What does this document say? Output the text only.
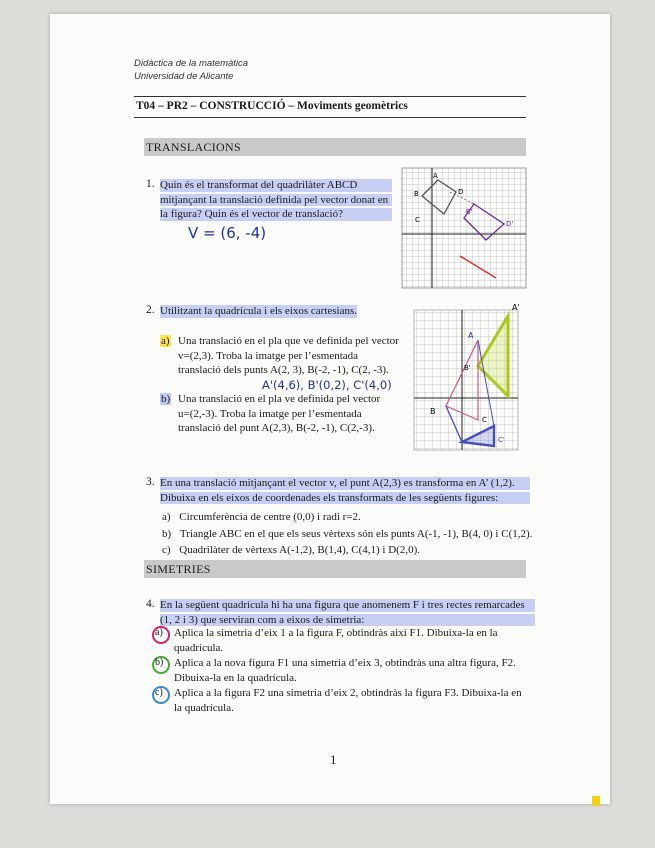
Didàctica de la matemàtica
Universidad de Alicante
T04 – PR2 – CONSTRUCCIÓ – Moviments geomètrics
TRANSLACIONS
1. Quin és el transformat del quadrilàter ABCD
mitjançant la translació definida pel vector donat en
la figura? Quin és el vector de translació?
V = (6, -4)
A
B
C
D
B'
D'
2. Utilitzant la quadrícula i els eixos cartesians.
a) Una translació en el pla que ve definida pel vector
v=(2,3). Troba la imatge per l’esmentada
translació dels punts A(2, 3), B(-2, -1), C(2, -3).
A'(4,6), B'(0,2), C'(4,0)
b) Una translació en el pla ve definida pel vector
u=(2,-3). Troba la imatge per l’esmentada
translació del punt A(2,3), B(-2, -1), C(2,-3).
A'
B'
B
C
C'
A
3. En una translació mitjançant el vector v, el punt A(2,3) es transforma en A’ (1,2).
Dibuixa en els eixos de coordenades els transformats de les següents figures:
a) Circumferència de centre (0,0) i radi r=2.
b) Triangle ABC en el que els seus vèrtexs són els punts A(-1, -1), B(4, 0) i C(1,2).
c) Quadrilàter de vèrtexs A(-1,2), B(1,4), C(4,1) i D(2,0).
SIMETRIES
4. En la següent quadrícula hi ha una figura que anomenem F i tres rectes remarcades
(1, 2 i 3) que serviran com a eixos de simetria:
a) Aplica la simetria d’eix 1 a la figura F, obtindràs així F1. Dibuixa-la en la
quadrícula.
b) Aplica a la nova figura F1 una simetria d’eix 3, obtindràs una altra figura, F2.
Dibuixa-la en la quadrícula.
c) Aplica a la figura F2 una simetria d’eix 2, obtindràs la figura F3. Dibuixa-la en
la quadrícula.
1
